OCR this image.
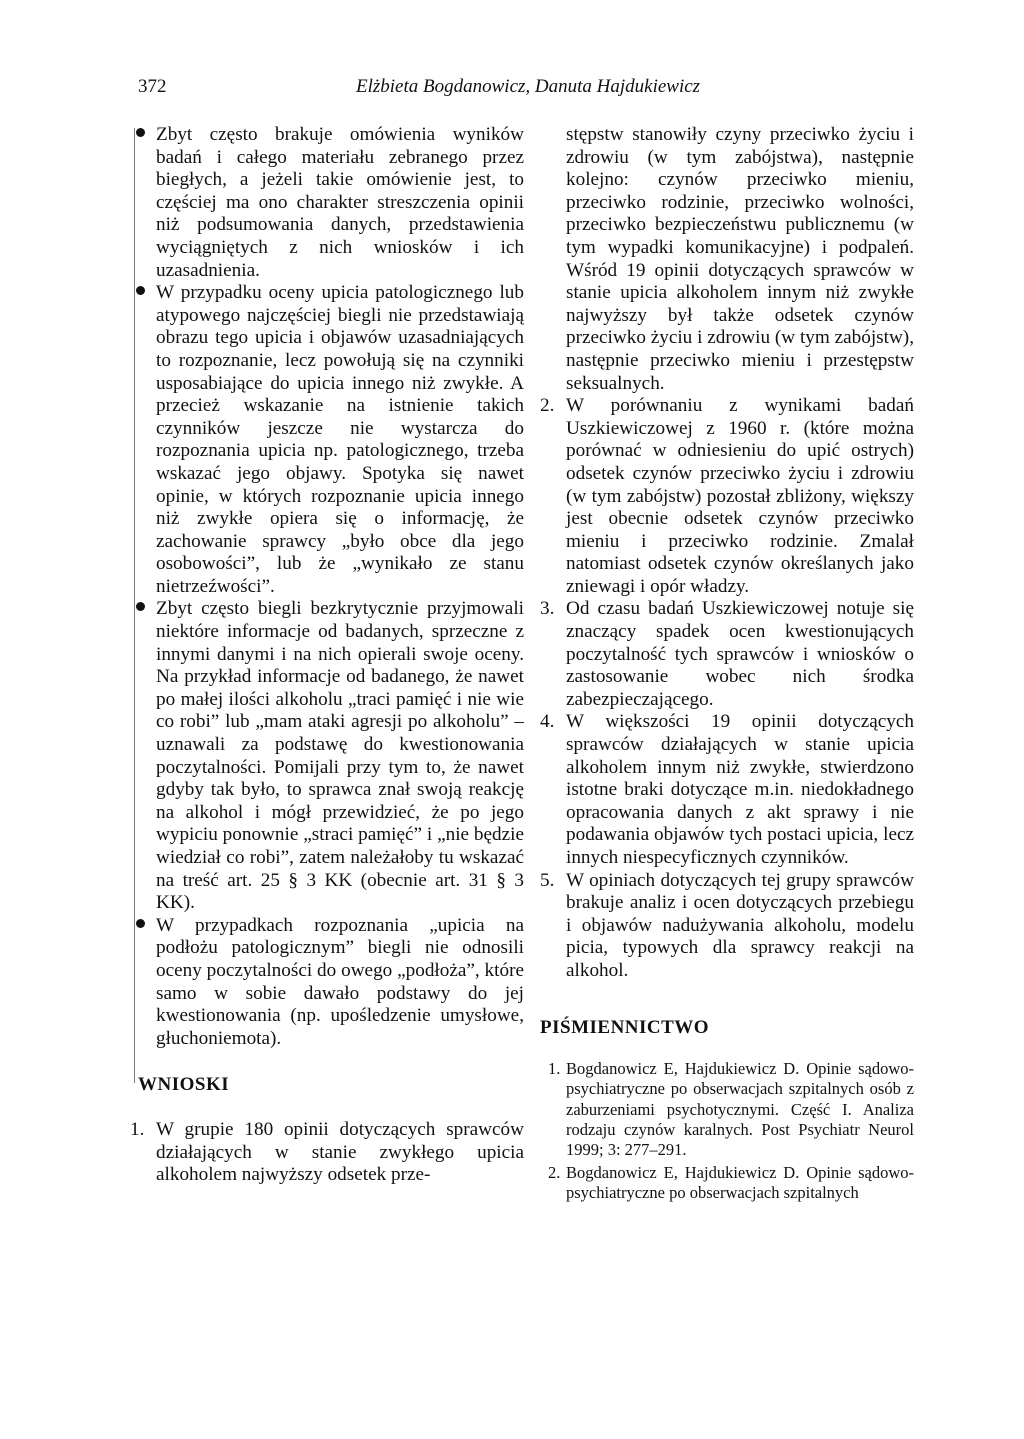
372	Elżbieta Bogdanowicz, Danuta Hajdukiewicz

Zbyt często brakuje omówienia wyników badań i całego materiału zebranego przez biegłych, a jeżeli takie omówienie jest, to częściej ma ono charakter streszczenia opinii niż podsumowania danych, przedstawienia wyciągniętych z nich wniosków i ich uzasadnienia.

W przypadku oceny upicia patologicznego lub atypowego najczęściej biegli nie przedstawiają obrazu tego upicia i objawów uzasadniających to rozpoznanie, lecz powołują się na czynniki usposabiające do upicia innego niż zwykłe. A przecież wskazanie na istnienie takich czynników jeszcze nie wystarcza do rozpoznania upicia np. patologicznego, trzeba wskazać jego objawy. Spotyka się nawet opinie, w których rozpoznanie upicia innego niż zwykłe opiera się o informację, że zachowanie sprawcy „było obce dla jego osobowości”, lub że „wynikało ze stanu nietrzeźwości”.

Zbyt często biegli bezkrytycznie przyjmowali niektóre informacje od badanych, sprzeczne z innymi danymi i na nich opierali swoje oceny. Na przykład informacje od badanego, że nawet po małej ilości alkoholu „traci pamięć i nie wie co robi” lub „mam ataki agresji po alkoholu” – uznawali za podstawę do kwestionowania poczytalności. Pomijali przy tym to, że nawet gdyby tak było, to sprawca znał swoją reakcję na alkohol i mógł przewidzieć, że po jego wypiciu ponownie „straci pamięć” i „nie będzie wiedział co robi”, zatem należałoby tu wskazać na treść art. 25 § 3 KK (obecnie art. 31 § 3 KK).

W przypadkach rozpoznania „upicia na podłożu patologicznym” biegli nie odnosili oceny poczytalności do owego „podłoża”, które samo w sobie dawało podstawy do jej kwestionowania (np. upośledzenie umysłowe, głuchoniemota).

WNIOSKI
1. W grupie 180 opinii dotyczących sprawców działających w stanie zwykłego upicia alkoholem najwyższy odsetek prze-

stępstw stanowiły czyny przeciwko życiu i zdrowiu (w tym zabójstwa), następnie kolejno: czynów przeciwko mieniu, przeciwko rodzinie, przeciwko wolności, przeciwko bezpieczeństwu publicznemu (w tym wypadki komunikacyjne) i podpaleń. Wśród 19 opinii dotyczących sprawców w stanie upicia alkoholem innym niż zwykłe najwyższy był także odsetek czynów przeciwko życiu i zdrowiu (w tym zabójstw), następnie przeciwko mieniu i przestępstw seksualnych.

2. W porównaniu z wynikami badań Uszkiewiczowej z 1960 r. (które można porównać w odniesieniu do upić ostrych) odsetek czynów przeciwko życiu i zdrowiu (w tym zabójstw) pozostał zbliżony, większy jest obecnie odsetek czynów przeciwko mieniu i przeciwko rodzinie. Zmalał natomiast odsetek czynów określanych jako zniewagi i opór władzy.

3. Od czasu badań Uszkiewiczowej notuje się znaczący spadek ocen kwestionujących poczytalność tych sprawców i wniosków o zastosowanie wobec nich środka zabezpieczającego.

4. W większości 19 opinii dotyczących sprawców działających w stanie upicia alkoholem innym niż zwykłe, stwierdzono istotne braki dotyczące m.in. niedokładnego opracowania danych z akt sprawy i nie podawania objawów tych postaci upicia, lecz innych niespecyficznych czynników.

5. W opiniach dotyczących tej grupy sprawców brakuje analiz i ocen dotyczących przebiegu i objawów nadużywania alkoholu, modelu picia, typowych dla sprawcy reakcji na alkohol.

PIŚMIENNICTWO
1. Bogdanowicz E, Hajdukiewicz D. Opinie sądowo-psychiatryczne po obserwacjach szpitalnych osób z zaburzeniami psychotycznymi. Część I. Analiza rodzaju czynów karalnych. Post Psychiatr Neurol 1999; 3: 277–291.

2. Bogdanowicz E, Hajdukiewicz D. Opinie sądowo-psychiatryczne po obserwacjach szpitalnych
